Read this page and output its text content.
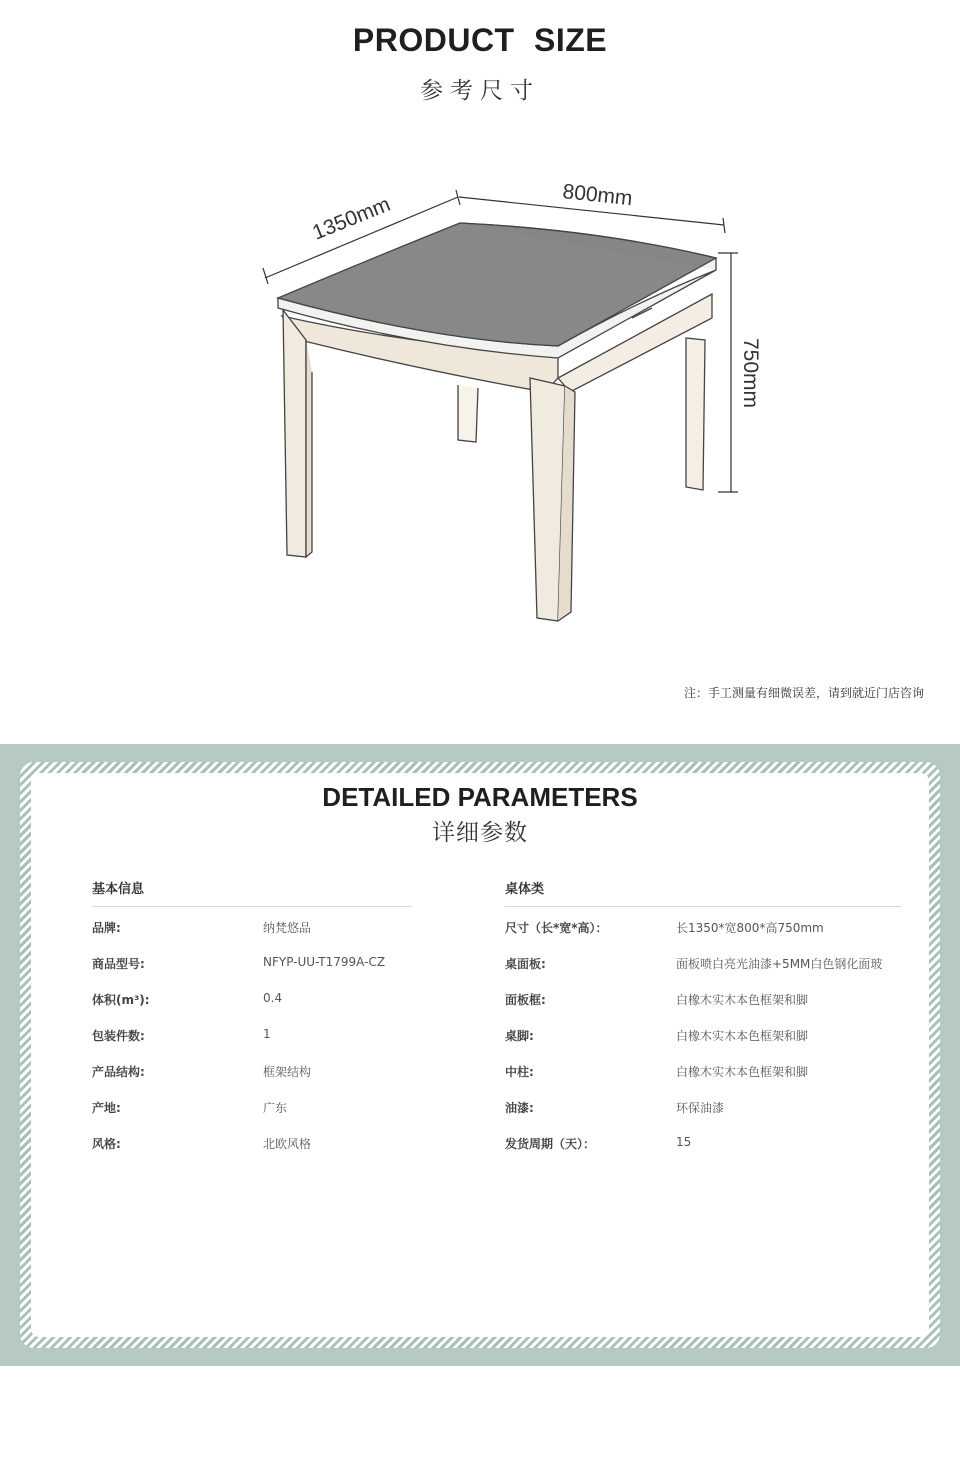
PRODUCT SIZE
参考尺寸
1350mm	800mm
750mm
注：手工测量有细微误差，请到就近门店咨询
DETAILED PARAMETERS
详细参数
基本信息
品牌:	纳梵悠品
商品型号:	NFYP-UU-T1799A-CZ
体积(m³):	0.4
包装件数:	1
产品结构:	框架结构
产地:	广东
风格:	北欧风格
桌体类
尺寸（长*宽*高）：	长1350*宽800*高750mm
桌面板:	面板喷白亮光油漆+5MM白色钢化面玻
面板框:	白橡木实木本色框架和脚
桌脚:	白橡木实木本色框架和脚
中柱:	白橡木实木本色框架和脚
油漆:	环保油漆
发货周期（天）：	15
